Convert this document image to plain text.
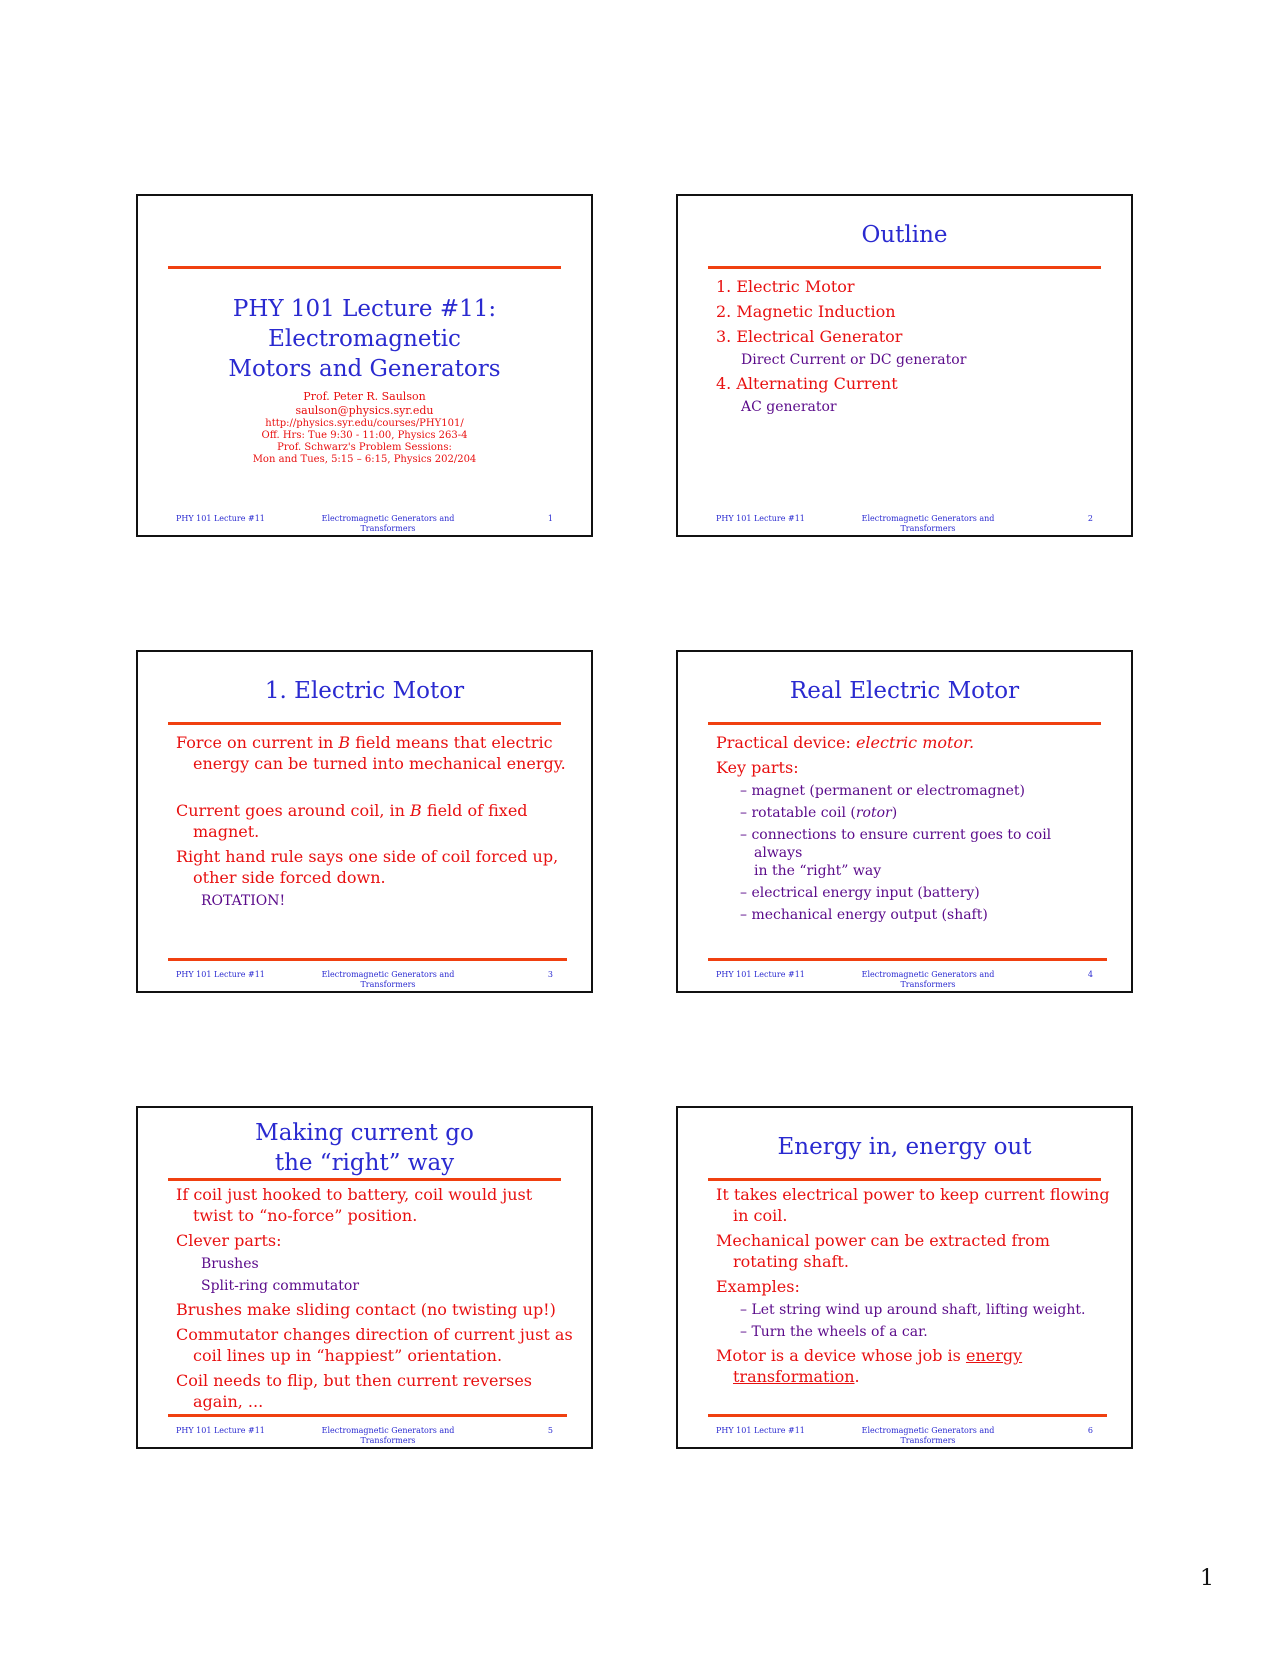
PHY 101 Lecture #11:
Electromagnetic
Motors and Generators
Prof. Peter R. Saulson
saulson@physics.syr.edu
http://physics.syr.edu/courses/PHY101/
Off. Hrs: Tue 9:30 - 11:00, Physics 263-4
Prof. Schwarz's Problem Sessions:
Mon and Tues, 5:15 – 6:15, Physics 202/204
PHY 101 Lecture #11	Electromagnetic Generators and Transformers
1
Outline
1. Electric Motor
2. Magnetic Induction
3. Electrical Generator
Direct Current or DC generator
4. Alternating Current
AC generator
PHY 101 Lecture #11	Electromagnetic Generators and Transformers
2
1. Electric Motor
Force on current in B field means that electric
energy can be turned into mechanical energy.
Current goes around coil, in B field of fixed
magnet.
Right hand rule says one side of coil forced up,
other side forced down.
ROTATION!
PHY 101 Lecture #11	Electromagnetic Generators and Transformers
3
Real Electric Motor
Practical device: electric motor.
Key parts:
– magnet (permanent or electromagnet)
– rotatable coil (rotor)
– connections to ensure current goes to coil always
in the “right” way
– electrical energy input (battery)
– mechanical energy output (shaft)
PHY 101 Lecture #11	Electromagnetic Generators and Transformers
4
Making current go
the “right” way
If coil just hooked to battery, coil would just
twist to “no-force” position.
Clever parts:
Brushes
Split-ring commutator
Brushes make sliding contact (no twisting up!)
Commutator changes direction of current just as
coil lines up in “happiest” orientation.
Coil needs to flip, but then current reverses
again, ...
PHY 101 Lecture #11	Electromagnetic Generators and Transformers
5
Energy in, energy out
It takes electrical power to keep current flowing
in coil.
Mechanical power can be extracted from
rotating shaft.
Examples:
– Let string wind up around shaft, lifting weight.
– Turn the wheels of a car.
Motor is a device whose job is energy
transformation.
PHY 101 Lecture #11	Electromagnetic Generators and Transformers
6
1
